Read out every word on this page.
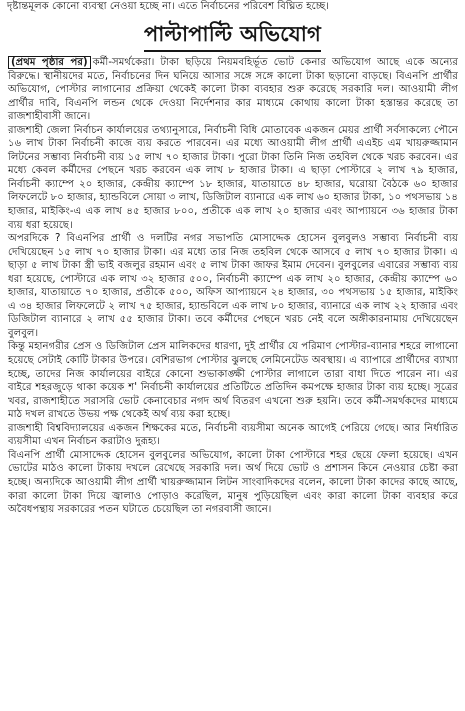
দৃষ্টান্তমূলক কোনো ব্যবস্থা নেওয়া হচ্ছে না। এতে নির্বাচনের পরিবেশ বিঘ্নিত হচ্ছে।

পাল্টাপাল্টি অভিযোগ

(প্রথম পৃষ্ঠার পর) কর্মী-সমর্থকেরা। টাকা ছড়িয়ে নিয়মবহির্ভূত ভোট কেনার অভিযোগ আছে একে অন্যের বিরুদ্ধে। স্থানীয়দের মতে, নির্বাচনের দিন ঘনিয়ে আসার সঙ্গে সঙ্গে কালো টাকা ছড়ানো বাড়ছে। বিএনপি প্রার্থীর অভিযোগ, পোস্টার লাগানোর প্রক্রিয়া থেকেই কালো টাকা ব্যবহার শুরু করেছে সরকারি দল। আওয়ামী লীগ প্রার্থীর দাবি, বিএনপি লন্ডন থেকে দেওয়া নির্দেশনার কার মাধ্যমে কোথায় কালো টাকা হস্তান্তর করেছে তা রাজশাহীবাসী জানে।

রাজশাহী জেলা নির্বাচন কার্যালয়ের তথ্যানুসারে, নির্বাচনী বিধি মোতাবেক একজন মেয়র প্রার্থী সর্বসাকল্যে পৌনে ১৬ লাখ টাকা নির্বাচনী কাজে ব্যয় করতে পারবেন। এর মধ্যে আওয়ামী লীগ প্রার্থী এএইচ এম খায়রুজ্জামান লিটনের সম্ভাব্য নির্বাচনী ব্যয় ১৫ লাখ ৭০ হাজার টাকা। পুরো টাকা তিনি নিজ তহবিল থেকে খরচ করবেন। এর মধ্যে কেবল কর্মীদের পেছনে খরচ করবেন এক লাখ ৮ হাজার টাকা। এ ছাড়া পোস্টারে ২ লাখ ৭৯ হাজার, নির্বাচনী ক্যাম্পে ২০ হাজার, কেন্দ্রীয় ক্যাম্পে ১৮ হাজার, যাতায়াতে ৪৮ হাজার, ঘরোয়া বৈঠকে ৬০ হাজার লিফলেটে ৮০ হাজার, হ্যান্ডবিলে সোয়া ৩ লাখ, ডিজিটাল ব্যানারে এক লাখ ৬০ হাজার টাকা, ১০ পথসভায় ১৪ হাজার, মাইকিং-এ এক লাখ ৪৫ হাজার ৮০০, প্রতীকে এক লাখ ২০ হাজার এবং আপ্যায়নে ৩৬ হাজার টাকা ব্যয় ধরা হয়েছে।

অপরদিকে ? বিএনপির প্রার্থী ও দলটির নগর সভাপতি মোসাদ্দেক হোসেন বুলবুলও সম্ভাব্য নির্বাচনী ব্যয় দেখিয়েছেন ১৫ লাখ ৭০ হাজার টাকা। এর মধ্যে তার নিজ তহবিল থেকে আসবে ৫ লাখ ৭০ হাজার টাকা। এ ছাড়া ৫ লাখ টাকা স্ত্রী ভাই বজলুর রহমান এবং ৫ লাখ টাকা জাফর ইমাম দেবেন। বুলবুলের এবারের সম্ভাব্য ব্যয় ধরা হয়েছে, পোস্টারে এক লাখ ৩২ হাজার ৫০০, নির্বাচনী ক্যাম্পে এক লাখ ২০ হাজার, কেন্দ্রীয় ক্যাম্পে ৬০ হাজার, যাতায়াতে ৭০ হাজার, প্রতীকে ৫০০, অফিস আপ্যায়নে ২৪ হাজার, ৩০ পথসভায় ১৫ হাজার, মাইকিং এ ৩৪ হাজার লিফলেটে ২ লাখ ৭৫ হাজার, হ্যান্ডবিলে এক লাখ ৮০ হাজার, ব্যানারে এক লাখ ২২ হাজার এবং ডিজিটাল ব্যানারে ২ লাখ ৫৫ হাজার টাকা। তবে কর্মীদের পেছনে খরচ নেই বলে অঙ্গীকারনামায় দেখিয়েছেন বুলবুল।

কিন্তু মহানগরীর প্রেস ও ডিজিটাল প্রেস মালিকদের ধারণা, দুই প্রার্থীর যে পরিমাণ পোস্টার-ব্যানার শহরে লাগানো হয়েছে সেটাই কোটি টাকার উপরে। বেশিরভাগ পোস্টার ঝুলছে লেমিনেটেড অবস্থায়। এ ব্যাপারে প্রার্থীদের ব্যাখ্যা হচ্ছে, তাদের নিজ কার্যালয়ের বাইরে কোনো শুভাকাঙ্ক্ষী পোস্টার লাগালে তারা বাধা দিতে পারেন না। এর বাইরে শহরজুড়ে থাকা কয়েক শ' নির্বাচনী কার্যালয়ের প্রতিটিতে প্রতিদিন কমপক্ষে হাজার টাকা ব্যয় হচ্ছে। সূত্রের খবর, রাজশাহীতে সরাসরি ভোট কেনাবেচার নগদ অর্থ বিতরণ এখনো শুরু হয়নি। তবে কর্মী-সমর্থকদের মাধ্যমে মাঠ দখল রাখতে উভয় পক্ষ থেকেই অর্থ ব্যয় করা হচ্ছে।

রাজশাহী বিশ্ববিদ্যালয়ের একজন শিক্ষকের মতে, নির্বাচনী ব্যয়সীমা অনেক আগেই পেরিয়ে গেছে। আর নির্ধারিত ব্যয়সীমা এখন নির্বাচন করাটাও দুরূহ্য।

বিএনপি প্রার্থী মোসাদ্দেক হোসেন বুলবুলের অভিযোগ, কালো টাকা পোস্টারে শহর ছেয়ে ফেলা হয়েছে। এখন ভোটের মাঠও কালো টাকায় দখলে রেখেছে সরকারি দল। অর্থ দিয়ে ভোট ও প্রশাসন কিনে নেওয়ার চেষ্টা করা হচ্ছে। অন্যদিকে আওয়ামী লীগ প্রার্থী খায়রুজ্জামান লিটন সাংবাদিকদের বলেন, কালো টাকা কাদের কাছে আছে, কারা কালো টাকা দিয়ে জ্বালাও পোড়াও করেছিল, মানুষ পুড়িয়েছিল এবং কারা কালো টাকা ব্যবহার করে অবৈধপন্থায় সরকারের পতন ঘটাতে চেয়েছিল তা নগরবাসী জানে।
